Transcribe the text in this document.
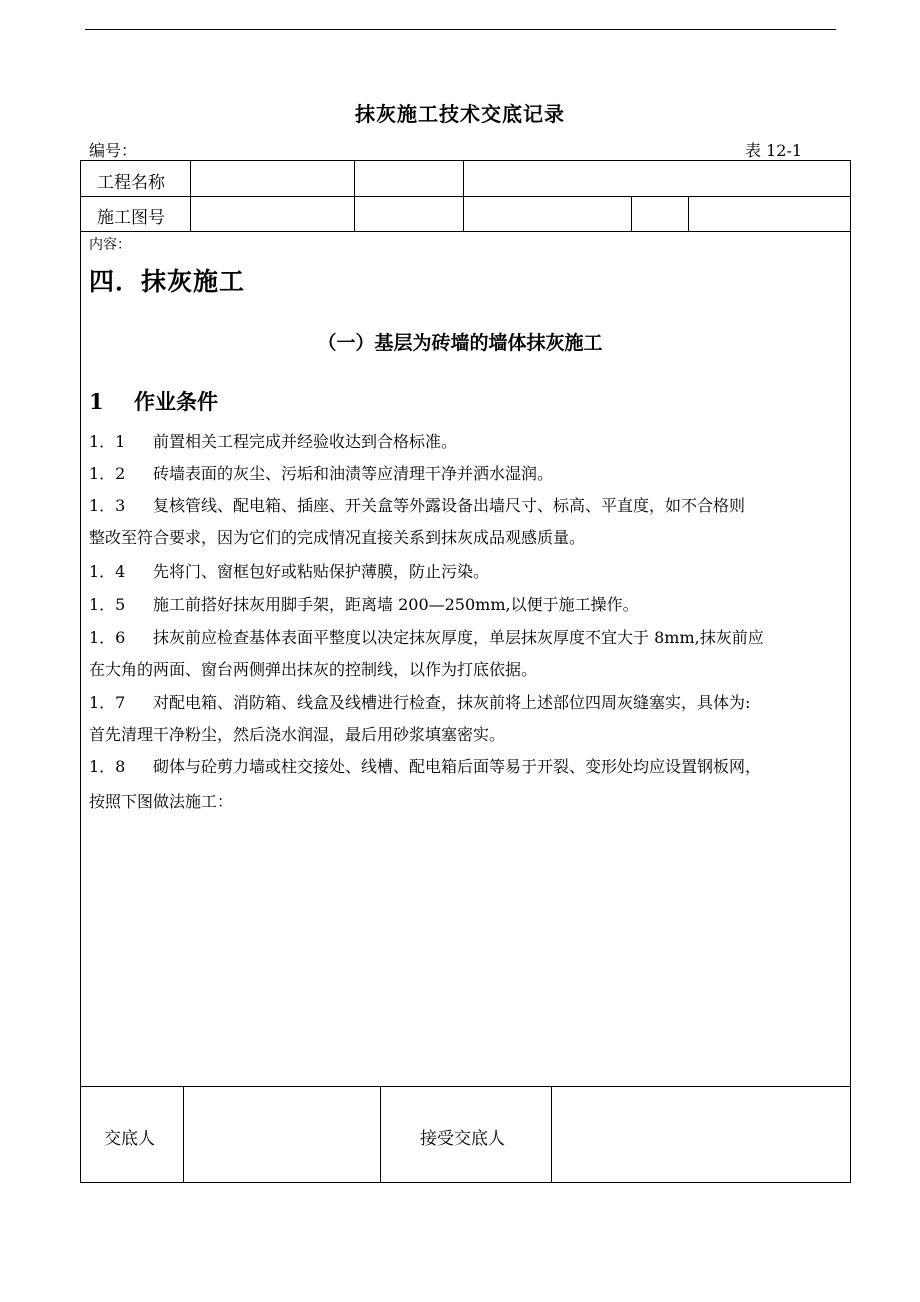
抹灰施工技术交底记录
编号：	表 12-1
工程名称
施工图号
内容：
四．抹灰施工
（一）基层为砖墙的墙体抹灰施工
1 作业条件
1．1 前置相关工程完成并经验收达到合格标准。
1．2 砖墙表面的灰尘、污垢和油渍等应清理干净并洒水湿润。
1．3 复核管线、配电箱、插座、开关盒等外露设备出墙尺寸、标高、平直度，如不合格则
整改至符合要求，因为它们的完成情况直接关系到抹灰成品观感质量。
1．4 先将门、窗框包好或粘贴保护薄膜，防止污染。
1．5 施工前搭好抹灰用脚手架，距离墙 200—250mm,以便于施工操作。
1．6 抹灰前应检查基体表面平整度以决定抹灰厚度，单层抹灰厚度不宜大于 8mm,抹灰前应
在大角的两面、窗台两侧弹出抹灰的控制线，以作为打底依据。
1．7 对配电箱、消防箱、线盒及线槽进行检查，抹灰前将上述部位四周灰缝塞实，具体为:
首先清理干净粉尘，然后浇水润湿，最后用砂浆填塞密实。
1．8 砌体与砼剪力墙或柱交接处、线槽、配电箱后面等易于开裂、变形处均应设置钢板网，
按照下图做法施工：
交底人	接受交底人
